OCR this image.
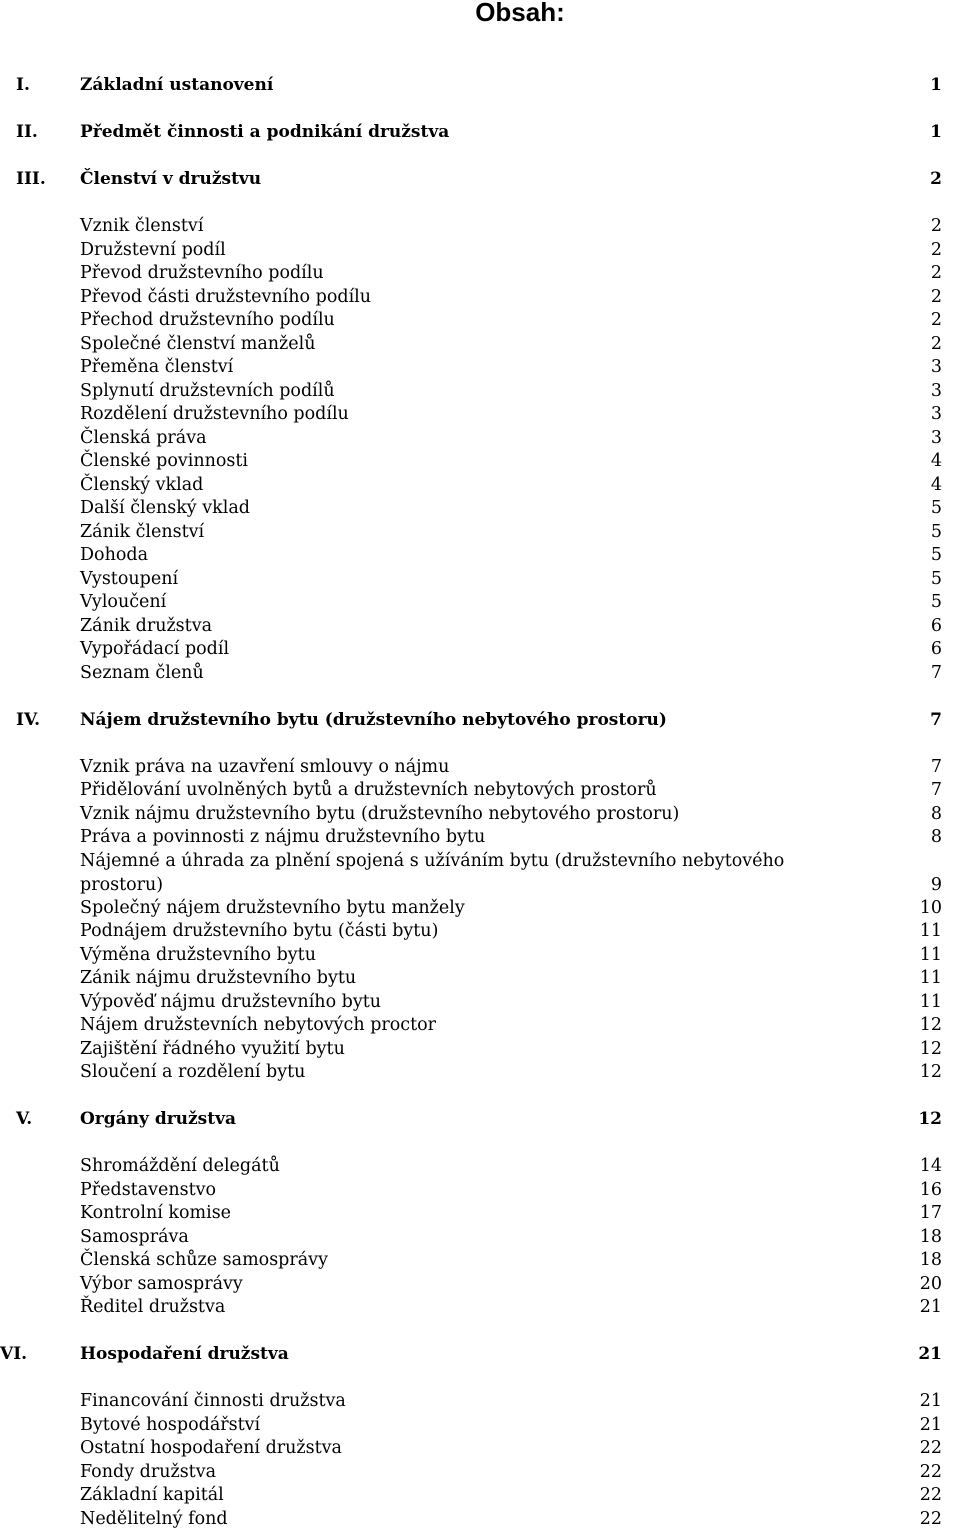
Obsah:
I.	Základní ustanovení	1
II. Předmět činnosti a podnikání družstva	1
III. Členství v družstvu	2
Vznik členství	2
Družstevní podíl	2
Převod družstevního podílu	2
Převod části družstevního podílu	2
Přechod družstevního podílu	2
Společné členství manželů	2
Přeměna členství	3
Splynutí družstevních podílů	3
Rozdělení družstevního podílu	3
Členská práva	3
Členské povinnosti	4
Členský vklad	4
Další členský vklad	5
Zánik členství	5
Dohoda	5
Vystoupení	5
Vyloučení	5
Zánik družstva	6
Vypořádací podíl	6
Seznam členů	7
IV. Nájem družstevního bytu (družstevního nebytového prostoru)	7
Vznik práva na uzavření smlouvy o nájmu	7
Přidělování uvolněných bytů a družstevních nebytových prostorů	7
Vznik nájmu družstevního bytu (družstevního nebytového prostoru)	8
Práva a povinnosti z nájmu družstevního bytu	8
Nájemné a úhrada za plnění spojená s užíváním bytu (družstevního nebytového prostoru)	9
Společný nájem družstevního bytu manžely	10
Podnájem družstevního bytu (části bytu)	11
Výměna družstevního bytu	11
Zánik nájmu družstevního bytu	11
Výpověď nájmu družstevního bytu	11
Nájem družstevních nebytových proctor	12
Zajištění řádného využití bytu	12
Sloučení a rozdělení bytu	12
V.	Orgány družstva	12
Shromáždění delegátů	14
Představenstvo	16
Kontrolní komise	17
Samospráva	18
Členská schůze samosprávy	18
Výbor samosprávy	20
Ředitel družstva	21
VI.	Hospodaření družstva	21
Financování činnosti družstva	21
Bytové hospodářství	21
Ostatní hospodaření družstva	22
Fondy družstva	22
Základní kapitál	22
Nedělitelný fond	22
